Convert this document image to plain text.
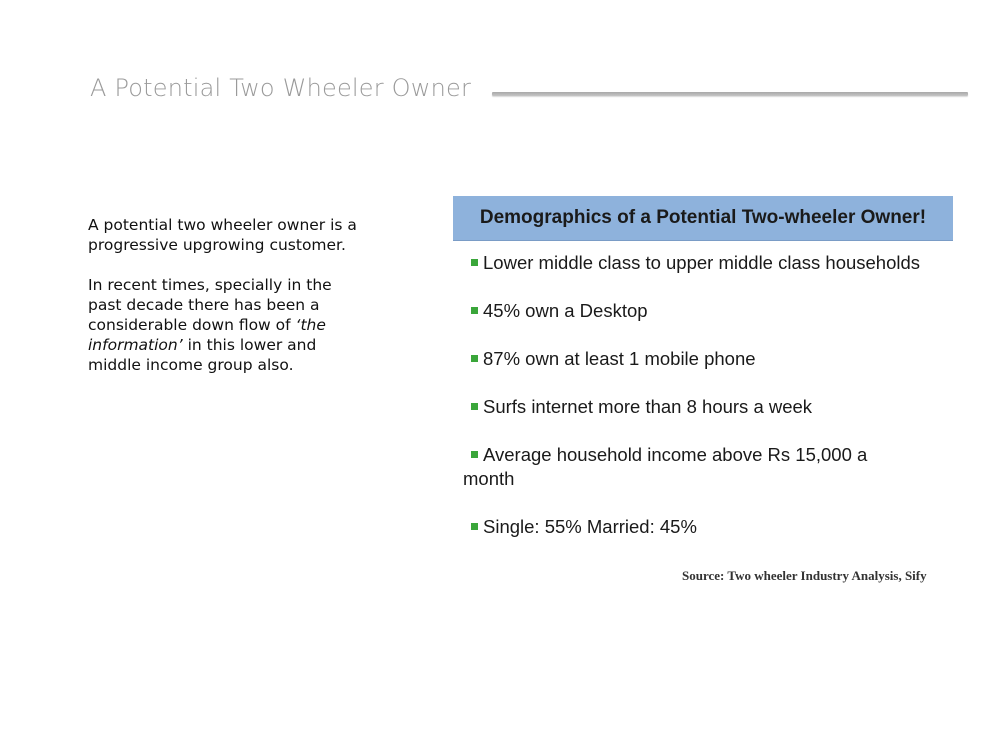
A Potential Two Wheeler Owner

A potential two wheeler owner is a progressive upgrowing customer.

In recent times, specially in the past decade there has been a considerable down flow of ‘the information’ in this lower and middle income group also.

Demographics of a Potential Two-wheeler Owner!
Lower middle class to upper middle class households
45% own a Desktop
87% own at least 1 mobile phone
Surfs internet more than 8 hours a week
Average household income above Rs 15,000 a month
Single: 55% Married: 45%
Source: Two wheeler Industry Analysis, Sify
